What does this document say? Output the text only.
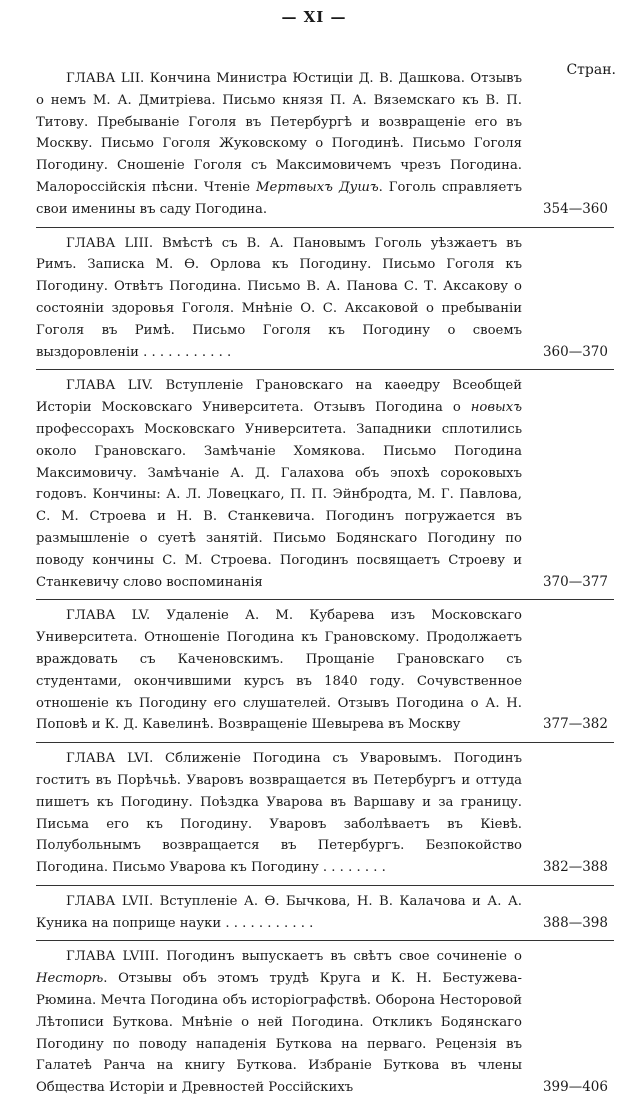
— XI —
Стран.

ГЛАВА LII. Кончина Министра Юстиціи Д. В. Дашкова. Отзывъ о немъ М. А. Дмитріева. Письмо князя П. А. Вяземскаго къ В. П. Титову. Пребываніе Гоголя въ Петербургѣ и возвращеніе его въ Москву. Письмо Гоголя Жуковскому о Погодинѣ. Письмо Гоголя Погодину. Сношеніе Гоголя съ Максимовичемъ чрезъ Погодина. Малороссійскія пѣсни. Чтеніе Мертвыхъ Душъ. Гоголь справляетъ свои именины въ саду Погодина.	354—360

ГЛАВА LIII. Вмѣстѣ съ В. А. Пановымъ Гоголь уѣзжаетъ въ Римъ. Записка М. Ѳ. Орлова къ Погодину. Письмо Гоголя къ Погодину. Отвѣтъ Погодина. Письмо В. А. Панова С. Т. Аксакову о состояніи здоровья Гоголя. Мнѣніе О. С. Аксаковой о пребываніи Гоголя въ Римѣ. Письмо Гоголя къ Погодину о своемъ выздоровленіи . . . . . . . . . . .	360—370

ГЛАВА LIV. Вступленіе Грановскаго на каѳедру Всеобщей Исторіи Московскаго Университета. Отзывъ Погодина о новыхъ профессорахъ Московскаго Университета. Западники сплотились около Грановскаго. Замѣчаніе Хомякова. Письмо Погодина Максимовичу. Замѣчаніе А. Д. Галахова объ эпохѣ сороковыхъ годовъ. Кончины: А. Л. Ловецкаго, П. П. Эйнбродта, М. Г. Павлова, С. М. Строева и Н. В. Станкевича. Погодинъ погружается въ размышленіе о суетѣ занятій. Письмо Бодянскаго Погодину по поводу кончины С. М. Строева. Погодинъ посвящаетъ Строеву и Станкевичу слово воспоминанія	370—377

ГЛАВА LV. Удаленіе А. М. Кубарева изъ Московскаго Университета. Отношеніе Погодина къ Грановскому. Продолжаетъ враждовать съ Каченовскимъ. Прощаніе Грановскаго съ студентами, окончившими курсъ въ 1840 году. Сочувственное отношеніе къ Погодину его слушателей. Отзывъ Погодина о А. Н. Поповѣ и К. Д. Кавелинѣ. Возвращеніе Шевырева въ Москву	377—382

ГЛАВА LVI. Сближеніе Погодина съ Уваровымъ. Погодинъ гоститъ въ Порѣчьѣ. Уваровъ возвращается въ Петербургъ и оттуда пишетъ къ Погодину. Поѣздка Уварова въ Варшаву и за границу. Письма его къ Погодину. Уваровъ заболѣваетъ въ Кіевѣ. Полубольнымъ возвращается въ Петербургъ. Безпокойство Погодина. Письмо Уварова къ Погодину . . . . . . . .	382—388

ГЛАВА LVII. Вступленіе А. Ѳ. Бычкова, Н. В. Калачова и А. А. Куника на поприще науки . . . . . . . . . . .	388—398

ГЛАВА LVIII. Погодинъ выпускаетъ въ свѣтъ свое сочиненіе о Несторѣ. Отзывы объ этомъ трудѣ Круга и К. Н. Бестужева-Рюмина. Мечта Погодина объ исторіографствѣ. Оборона Несторовой Лѣтописи Бутковa. Мнѣніе о ней Погодина. Откликъ Бодянскаго Погодину по поводу нападенія Буткова на перваго. Рецензія въ Галатеѣ Рaнча на книгу Буткова. Избраніе Буткова въ члены Общества Исторіи и Древностей Россійскихъ	399—406
